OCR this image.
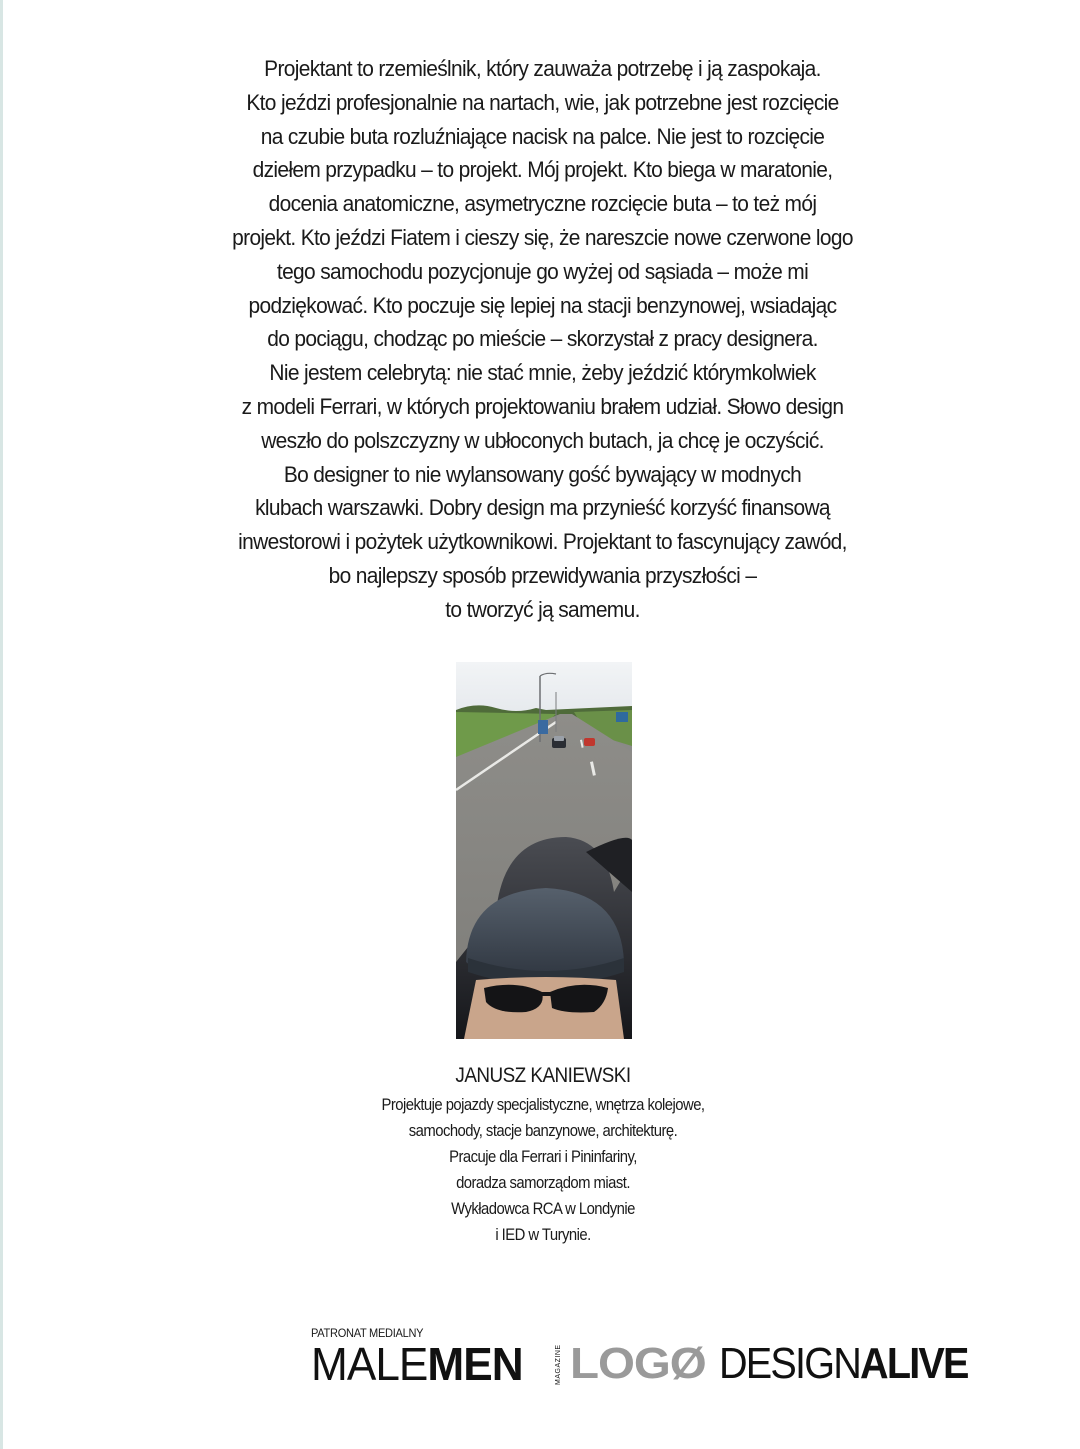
Projektant to rzemieślnik, który zauważa potrzebę i ją zaspokaja.
Kto jeździ profesjonalnie na nartach, wie, jak potrzebne jest rozcięcie
na czubie buta rozluźniające nacisk na palce. Nie jest to rozcięcie
dziełem przypadku – to projekt. Mój projekt. Kto biega w maratonie,
docenia anatomiczne, asymetryczne rozcięcie buta – to też mój
projekt. Kto jeździ Fiatem i cieszy się, że nareszcie nowe czerwone logo
tego samochodu pozycjonuje go wyżej od sąsiada – może mi
podziękować. Kto poczuje się lepiej na stacji benzynowej, wsiadając
do pociągu, chodząc po mieście – skorzystał z pracy designera.
Nie jestem celebrytą: nie stać mnie, żeby jeździć którymkolwiek
z modeli Ferrari, w których projektowaniu brałem udział. Słowo design
weszło do polszczyzny w ubłoconych butach, ja chcę je oczyścić.
Bo designer to nie wylansowany gość bywający w modnych
klubach warszawki. Dobry design ma przynieść korzyść finansową
inwestorowi i pożytek użytkownikowi. Projektant to fascynujący zawód,
bo najlepszy sposób przewidywania przyszłości –
to tworzyć ją samemu.
JANUSZ KANIEWSKI
Projektuje pojazdy specjalistyczne, wnętrza kolejowe,
samochody, stacje banzynowe, architekturę.
Pracuje dla Ferrari i Pininfariny,
doradza samorządom miast.
Wykładowca RCA w Londynie
i IED w Turynie.
PATRONAT MEDIALNY
MALEMEN	MAGAZINE LOGØ DESIGNALIVE
